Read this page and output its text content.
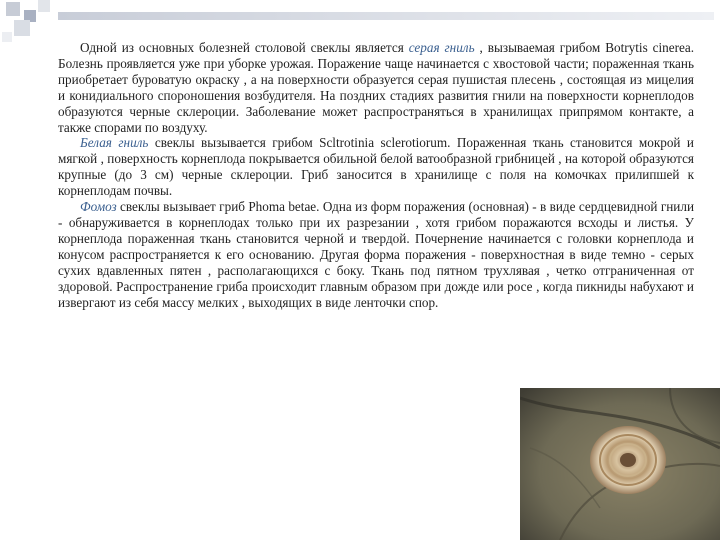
Одной из основных болезней столовой свеклы является серая гниль , вызываемая грибом Botrytis cinerea. Болезнь проявляется уже при уборке урожая. Поражение чаще начинается с хвостовой части; пораженная ткань приобретает буроватую окраску , а на поверхности образуется серая пушистая плесень , состоящая из мицелия и конидиального спороношения возбудителя. На поздних стадиях развития гнили на поверхности корнеплодов образуются черные склероции. Заболевание может распространяться в хранилищах припрямом контакте, а также спорами по воздуху.

Белая гниль свеклы вызывается грибом Scltrotinia sclerotiorum. Пораженная ткань становится мокрой и мягкой , поверхность корнеплода покрывается обильной белой ватообразной грибницей , на которой образуются крупные (до 3 см) черные склероции. Гриб заносится в хранилище с поля на комочках прилипшей к корнеплодам почвы.

Фомоз свеклы вызывает гриб Phoma betae. Одна из форм поражения (основная) - в виде сердцевидной гнили - обнаруживается в корнеплодах только при их разрезании , хотя грибом поражаются всходы и листья. У корнеплода пораженная ткань становится черной и твердой. Почернение начинается с головки корнеплода и конусом распространяется к его основанию. Другая форма поражения - поверхностная в виде темно - серых сухих вдавленных пятен , располагающихся с боку. Ткань под пятном трухлявая , четко отграниченная от здоровой. Распространение гриба происходит главным образом при дожде или росе , когда пикниды набухают и извергают из себя массу мелких , выходящих в виде ленточки спор.
